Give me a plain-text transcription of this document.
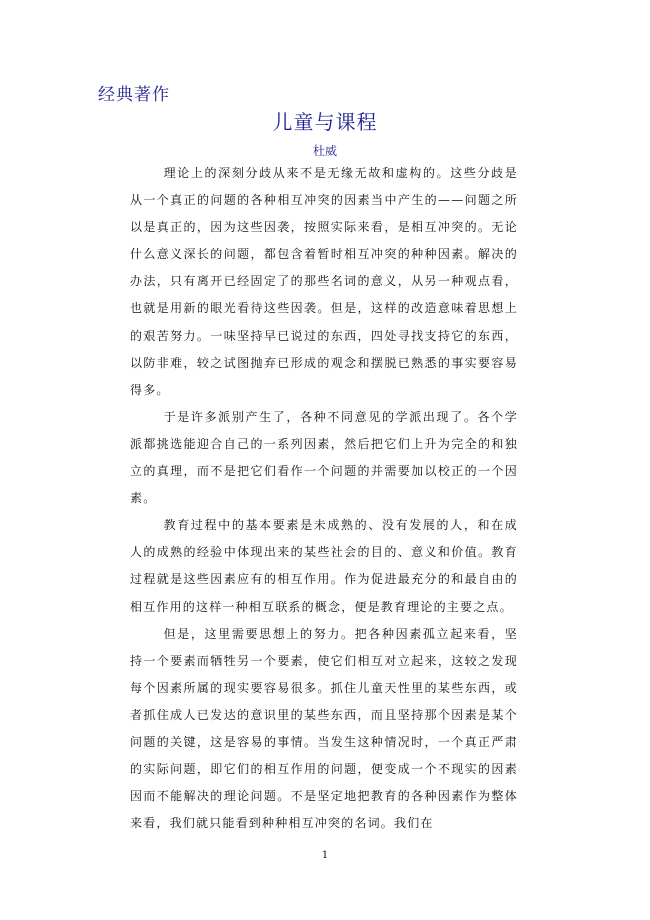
经典著作
儿童与课程
杜威

理论上的深刻分歧从来不是无缘无故和虚构的。这些分歧是从一个真正的问题的各种相互冲突的因素当中产生的——问题之所以是真正的，因为这些因袭，按照实际来看，是相互冲突的。无论什么意义深长的问题，都包含着暂时相互冲突的种种因素。解决的办法，只有离开已经固定了的那些名词的意义，从另一种观点看，也就是用新的眼光看待这些因袭。但是，这样的改造意味着思想上的艰苦努力。一味坚持早已说过的东西，四处寻找支持它的东西，以防非难，较之试图抛弃已形成的观念和摆脱已熟悉的事实要容易得多。

于是许多派别产生了，各种不同意见的学派出现了。各个学派都挑选能迎合自己的一系列因素，然后把它们上升为完全的和独立的真理，而不是把它们看作一个问题的并需要加以校正的一个因素。

教育过程中的基本要素是未成熟的、没有发展的人，和在成人的成熟的经验中体现出来的某些社会的目的、意义和价值。教育过程就是这些因素应有的相互作用。作为促进最充分的和最自由的相互作用的这样一种相互联系的概念，便是教育理论的主要之点。

但是，这里需要思想上的努力。把各种因素孤立起来看，坚持一个要素而牺牲另一个要素，使它们相互对立起来，这较之发现每个因素所属的现实要容易很多。抓住儿童天性里的某些东西，或者抓住成人已发达的意识里的某些东西，而且坚持那个因素是某个问题的关键，这是容易的事情。当发生这种情况时，一个真正严肃的实际问题，即它们的相互作用的问题，便变成一个不现实的因素因而不能解决的理论问题。不是坚定地把教育的各种因素作为整体来看，我们就只能看到种种相互冲突的名词。我们在

1
